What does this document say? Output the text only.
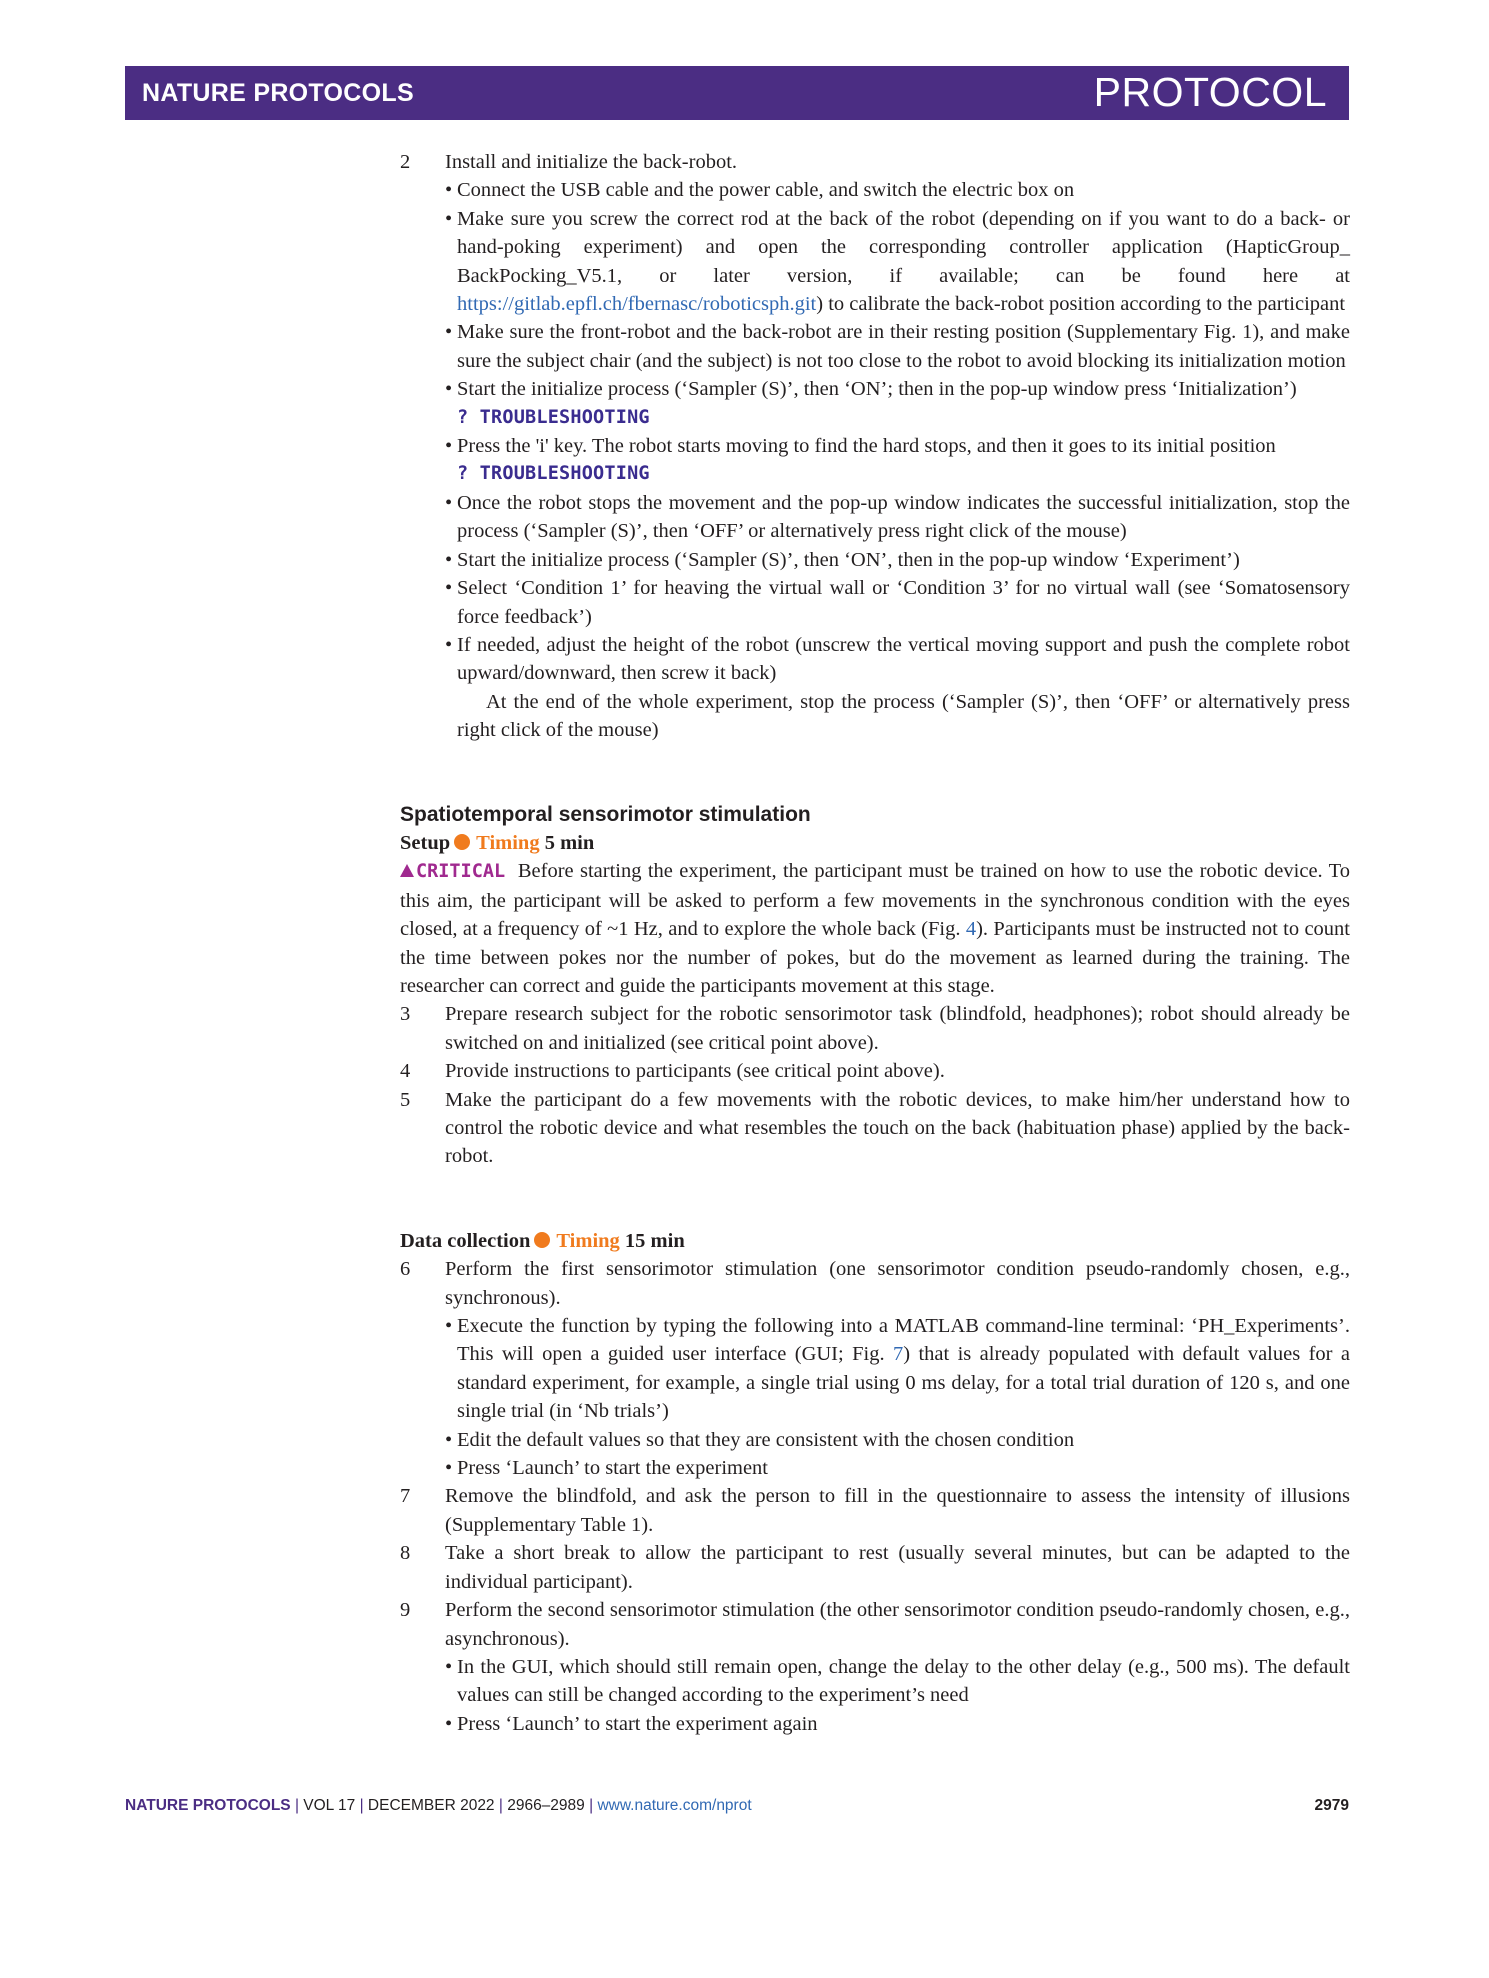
NATURE PROTOCOLS	PROTOCOL

2 Install and initialize the back-robot.

• Connect the USB cable and the power cable, and switch the electric box on

• Make sure you screw the correct rod at the back of the robot (depending on if you want to do a back- or hand-poking experiment) and open the corresponding controller application (HapticGroup_ BackPocking_V5.1, or later version, if available; can be found here at https://gitlab.epfl.ch/fbernasc/roboticsph.git) to calibrate the back-robot position according to the participant

• Make sure the front-robot and the back-robot are in their resting position (Supplementary Fig. 1), and make sure the subject chair (and the subject) is not too close to the robot to avoid blocking its initialization motion

• Start the initialize process (‘Sampler (S)’, then ‘ON’; then in the pop-up window press ‘Initialization’)

? TROUBLESHOOTING

• Press the 'i' key. The robot starts moving to find the hard stops, and then it goes to its initial position

? TROUBLESHOOTING

• Once the robot stops the movement and the pop-up window indicates the successful initialization, stop the process (‘Sampler (S)’, then ‘OFF’ or alternatively press right click of the mouse)

• Start the initialize process (‘Sampler (S)’, then ‘ON’, then in the pop-up window ‘Experiment’)

• Select ‘Condition 1’ for heaving the virtual wall or ‘Condition 3’ for no virtual wall (see ‘Somatosensory force feedback’)

• If needed, adjust the height of the robot (unscrew the vertical moving support and push the complete robot upward/downward, then screw it back)

At the end of the whole experiment, stop the process (‘Sampler (S)’, then ‘OFF’ or alternatively press right click of the mouse)

Spatiotemporal sensorimotor stimulation

Setup Timing 5 min

CRITICAL Before starting the experiment, the participant must be trained on how to use the robotic device. To this aim, the participant will be asked to perform a few movements in the synchronous condition with the eyes closed, at a frequency of ~1 Hz, and to explore the whole back (Fig. 4). Participants must be instructed not to count the time between pokes nor the number of pokes, but do the movement as learned during the training. The researcher can correct and guide the participants movement at this stage.

3 Prepare research subject for the robotic sensorimotor task (blindfold, headphones); robot should already be switched on and initialized (see critical point above).

4 Provide instructions to participants (see critical point above).

5 Make the participant do a few movements with the robotic devices, to make him/her understand how to control the robotic device and what resembles the touch on the back (habituation phase) applied by the back-robot.

Data collection Timing 15 min

6 Perform the first sensorimotor stimulation (one sensorimotor condition pseudo-randomly chosen, e.g., synchronous).

• Execute the function by typing the following into a MATLAB command-line terminal: ‘PH_Experiments’. This will open a guided user interface (GUI; Fig. 7) that is already populated with default values for a standard experiment, for example, a single trial using 0 ms delay, for a total trial duration of 120 s, and one single trial (in ‘Nb trials’)

• Edit the default values so that they are consistent with the chosen condition

• Press ‘Launch’ to start the experiment

7 Remove the blindfold, and ask the person to fill in the questionnaire to assess the intensity of illusions (Supplementary Table 1).

8 Take a short break to allow the participant to rest (usually several minutes, but can be adapted to the individual participant).

9 Perform the second sensorimotor stimulation (the other sensorimotor condition pseudo-randomly chosen, e.g., asynchronous).

• In the GUI, which should still remain open, change the delay to the other delay (e.g., 500 ms). The default values can still be changed according to the experiment’s need

• Press ‘Launch’ to start the experiment again

NATURE PROTOCOLS | VOL 17 | DECEMBER 2022 | 2966–2989 | www.nature.com/nprot	2979
